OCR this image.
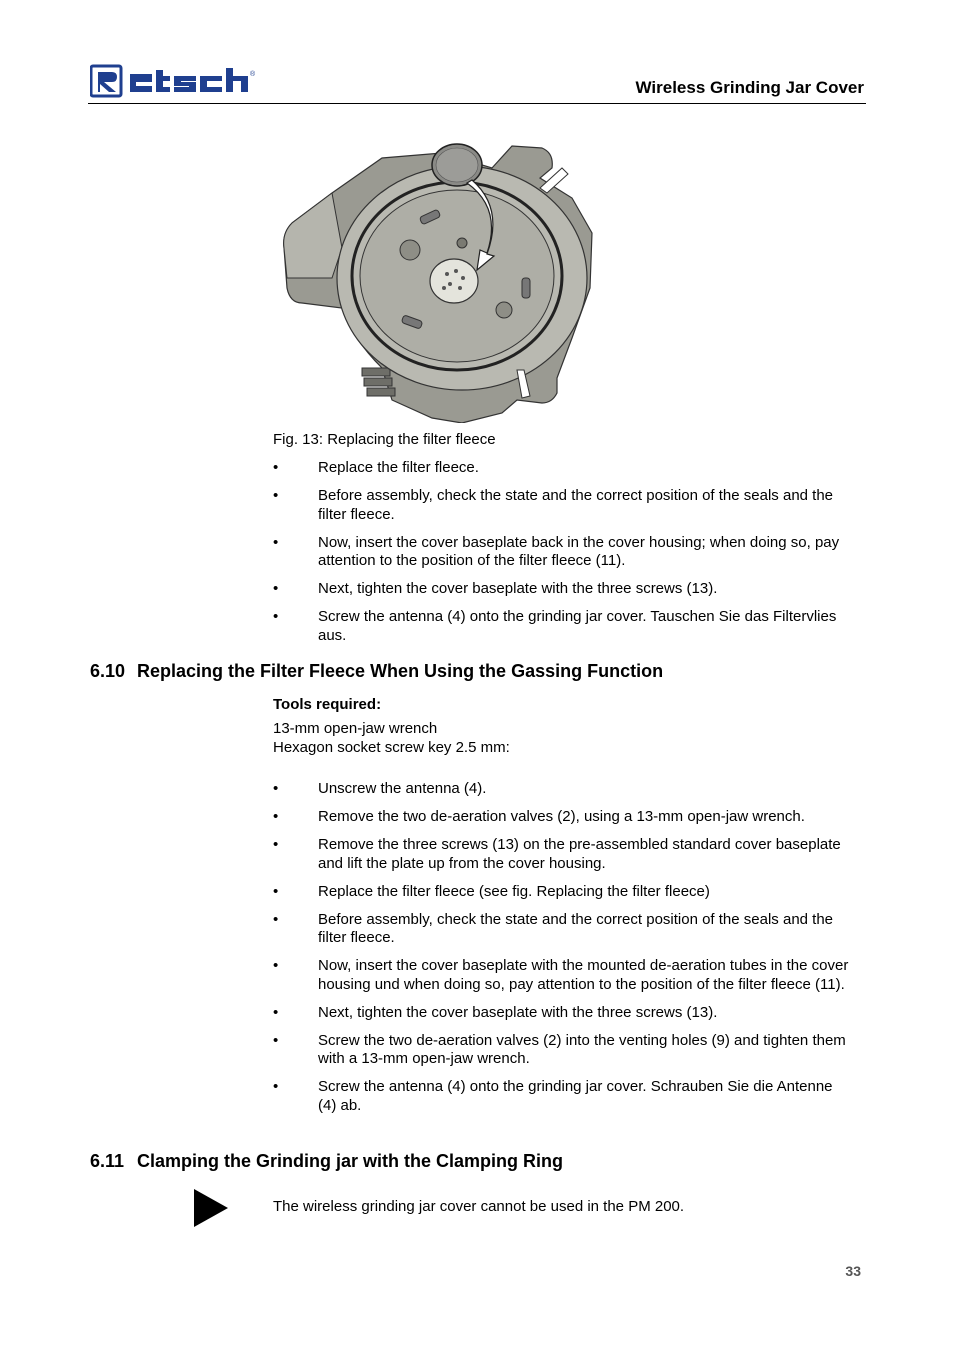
®
Wireless Grinding Jar Cover
Fig. 13: Replacing the filter fleece
•	Replace the filter fleece.
•	Before assembly, check the state and the correct position of the seals and the filter fleece.
•	Now, insert the cover baseplate back in the cover housing; when doing so, pay attention to the position of the filter fleece (11).
•	Next, tighten the cover baseplate with the three screws (13).
•	Screw the antenna (4) onto the grinding jar cover. Tauschen Sie das Filtervlies aus.
6.10 Replacing the Filter Fleece When Using the Gassing Function
Tools required:
13-mm open-jaw wrench
Hexagon socket screw key 2.5 mm:
•	Unscrew the antenna (4).
•	Remove the two de-aeration valves (2), using a 13-mm open-jaw wrench.
•	Remove the three screws (13) on the pre-assembled standard cover baseplate and lift the plate up from the cover housing.
•	Replace the filter fleece (see fig. Replacing the filter fleece)
•	Before assembly, check the state and the correct position of the seals and the filter fleece.
•	Now, insert the cover baseplate with the mounted de-aeration tubes in the cover housing und when doing so, pay attention to the position of the filter fleece (11).
•	Next, tighten the cover baseplate with the three screws (13).
•	Screw the two de-aeration valves (2) into the venting holes (9) and tighten them with a 13-mm open-jaw wrench.
•	Screw the antenna (4) onto the grinding jar cover. Schrauben Sie die Antenne (4) ab.
6.11 Clamping the Grinding jar with the Clamping Ring
The wireless grinding jar cover cannot be used in the PM 200.
33
